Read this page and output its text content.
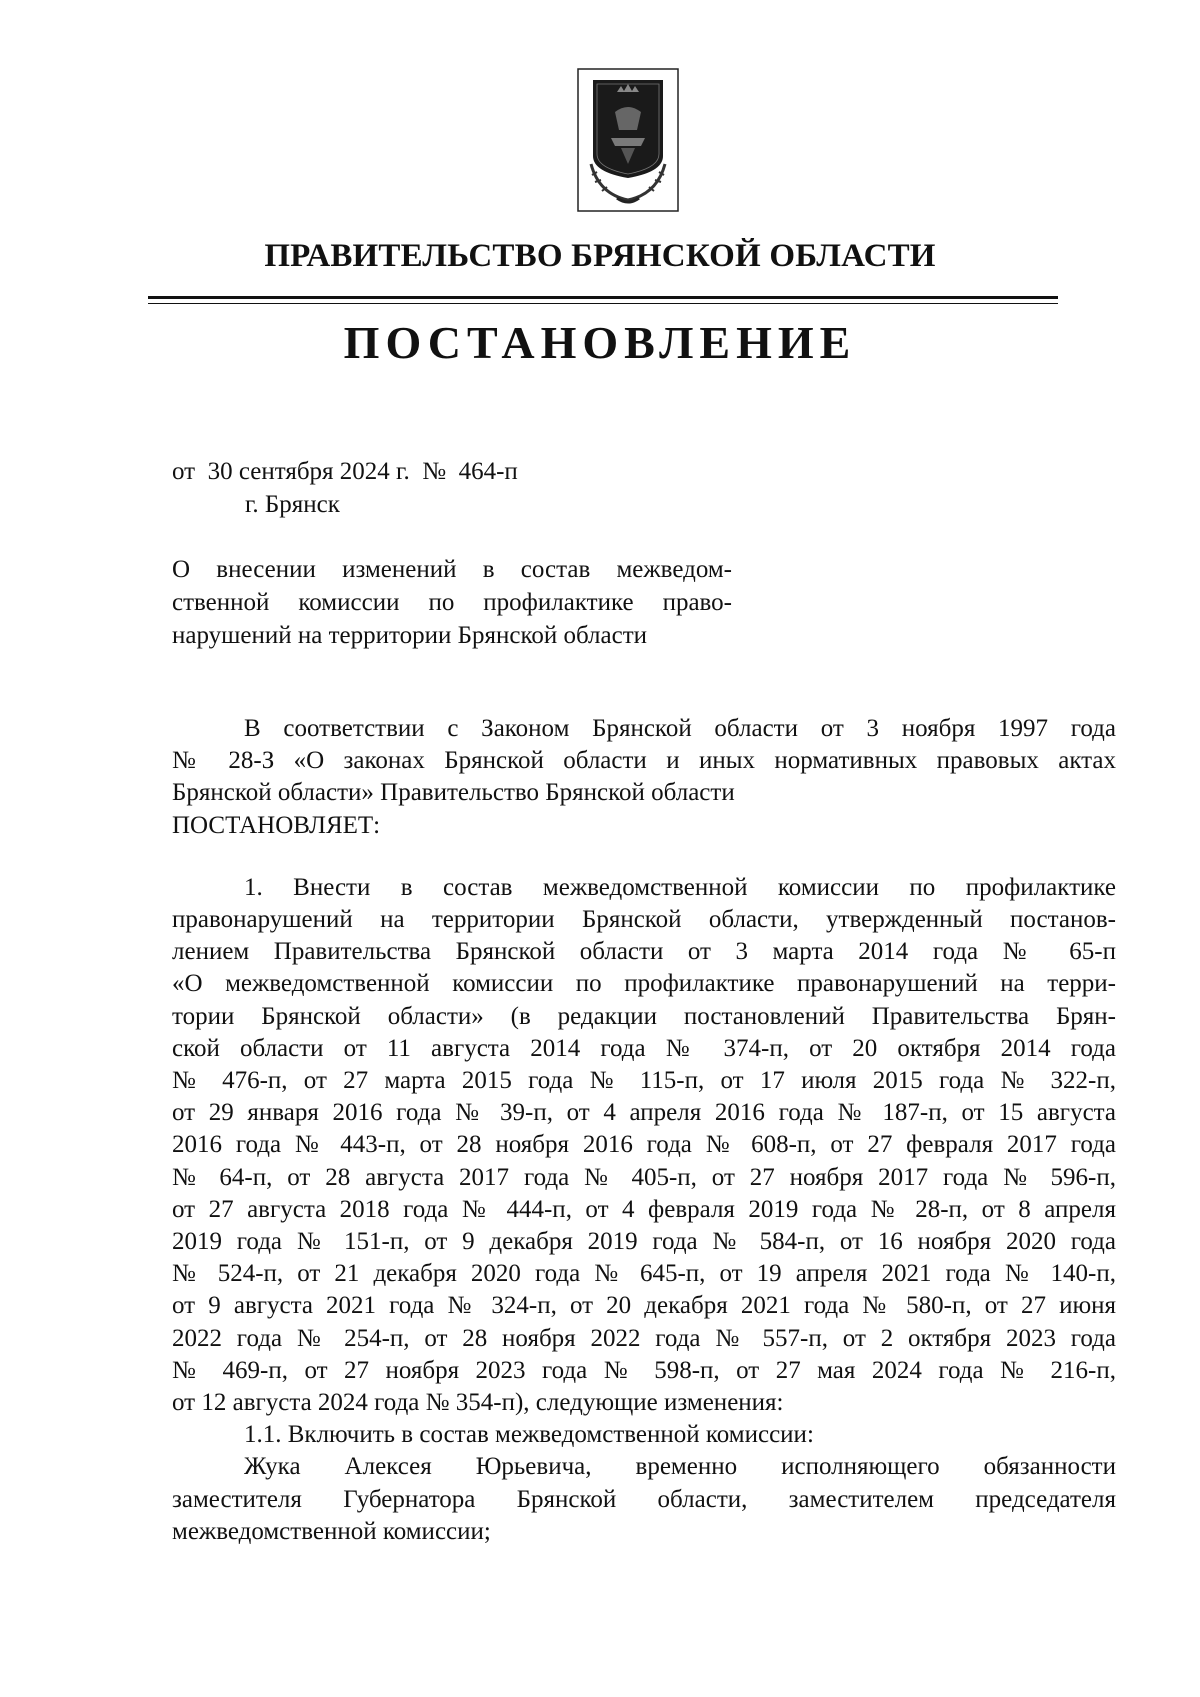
ПРАВИТЕЛЬСТВО БРЯНСКОЙ ОБЛАСТИ
ПОСТАНОВЛЕНИЕ
от  30 сентября 2024 г.  №  464-п
г. Брянск
О внесении изменений в состав межведом-
ственной комиссии по профилактике право-
нарушений на территории Брянской области
В соответствии с Законом Брянской области от 3 ноября 1997 года
№ 28-З «О законах Брянской области и иных нормативных правовых актах
Брянской области» Правительство Брянской области
ПОСТАНОВЛЯЕТ:
1. Внести в состав межведомственной комиссии по профилактике
правонарушений на территории Брянской области, утвержденный постанов-
лением Правительства Брянской области от 3 марта 2014 года № 65-п
«О межведомственной комиссии по профилактике правонарушений на терри-
тории Брянской области» (в редакции постановлений Правительства Брян-
ской области от 11 августа 2014 года № 374-п, от 20 октября 2014 года
№ 476-п, от 27 марта 2015 года № 115-п, от 17 июля 2015 года № 322-п,
от 29 января 2016 года № 39-п, от 4 апреля 2016 года № 187-п, от 15 августа
2016 года № 443-п, от 28 ноября 2016 года № 608-п, от 27 февраля 2017 года
№ 64-п, от 28 августа 2017 года № 405-п, от 27 ноября 2017 года № 596-п,
от 27 августа 2018 года № 444-п, от 4 февраля 2019 года № 28-п, от 8 апреля
2019 года № 151-п, от 9 декабря 2019 года № 584-п, от 16 ноября 2020 года
№ 524-п, от 21 декабря 2020 года № 645-п, от 19 апреля 2021 года № 140-п,
от 9 августа 2021 года № 324-п, от 20 декабря 2021 года № 580-п, от 27 июня
2022 года № 254-п, от 28 ноября 2022 года № 557-п, от 2 октября 2023 года
№ 469-п, от 27 ноября 2023 года № 598-п, от 27 мая 2024 года № 216-п,
от 12 августа 2024 года № 354-п), следующие изменения:
1.1. Включить в состав межведомственной комиссии:
Жука Алексея Юрьевича, временно исполняющего обязанности
заместителя Губернатора Брянской области, заместителем председателя
межведомственной комиссии;
